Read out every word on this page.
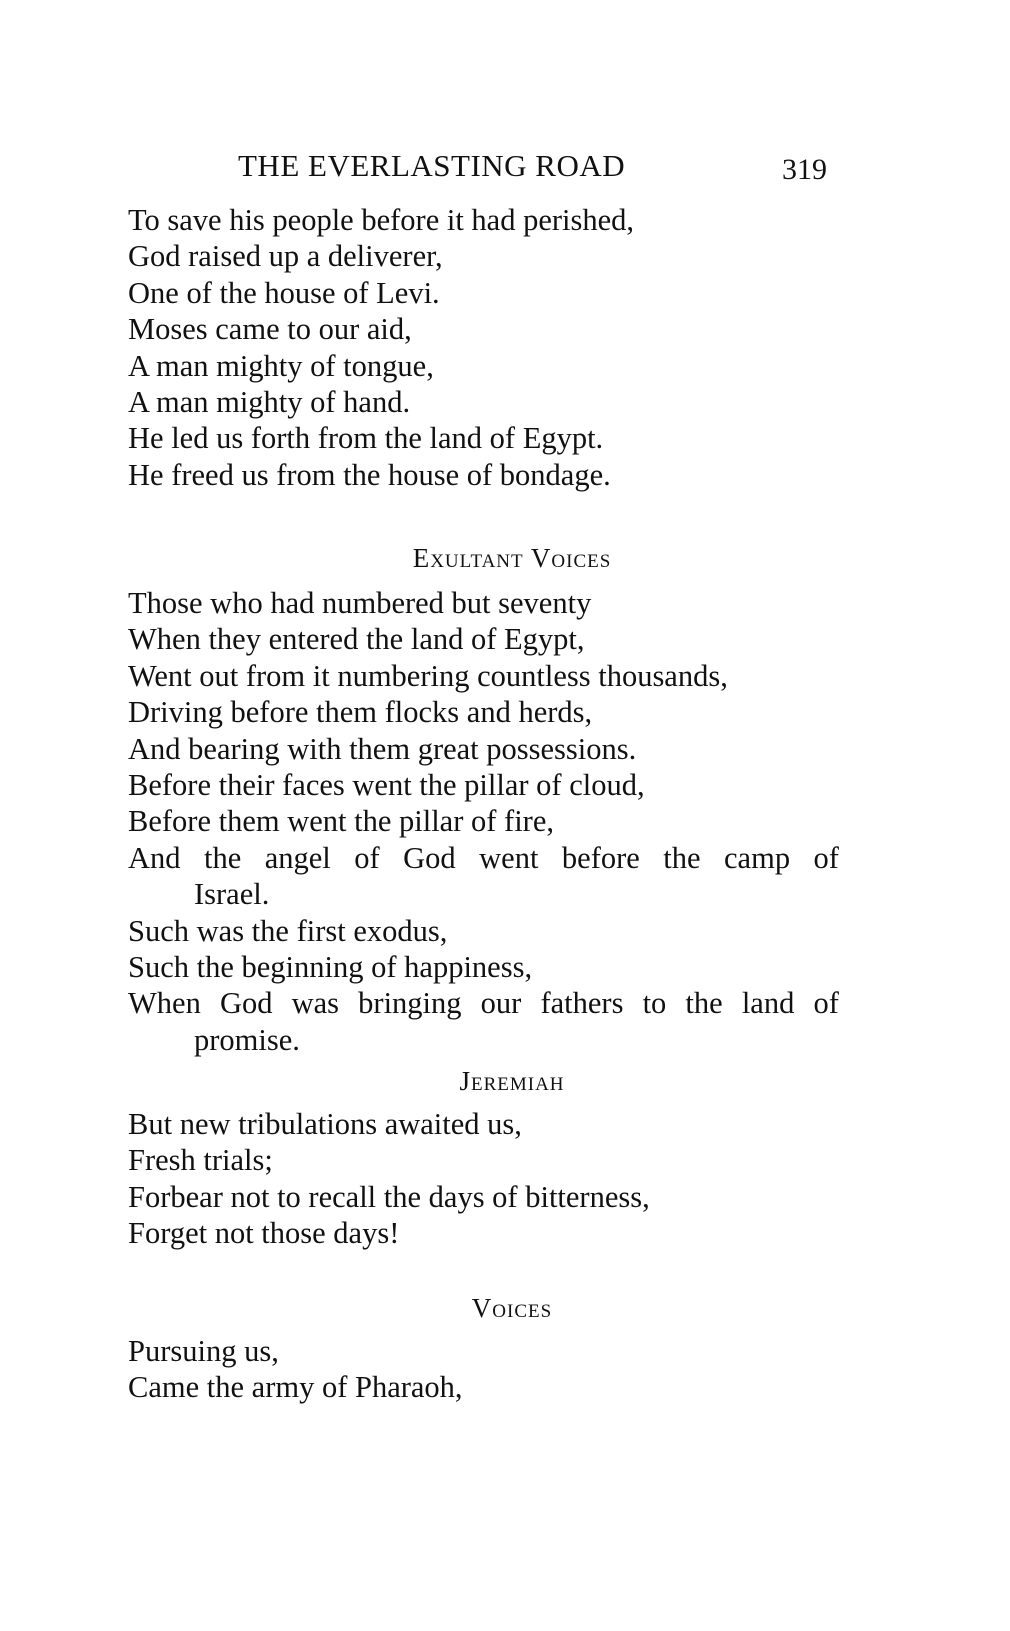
THE EVERLASTING ROAD	319
To save his people before it had perished,
God raised up a deliverer,
One of the house of Levi.
Moses came to our aid,
A man mighty of tongue,
A man mighty of hand.
He led us forth from the land of Egypt.
He freed us from the house of bondage.
Exultant Voices
Those who had numbered but seventy
When they entered the land of Egypt,
Went out from it numbering countless thousands,
Driving before them flocks and herds,
And bearing with them great possessions.
Before their faces went the pillar of cloud,
Before them went the pillar of fire,
And the angel of God went before the camp of
Israel.
Such was the first exodus,
Such the beginning of happiness,
When God was bringing our fathers to the land of
promise.
Jeremiah
But new tribulations awaited us,
Fresh trials;
Forbear not to recall the days of bitterness,
Forget not those days!
Voices
Pursuing us,
Came the army of Pharaoh,
